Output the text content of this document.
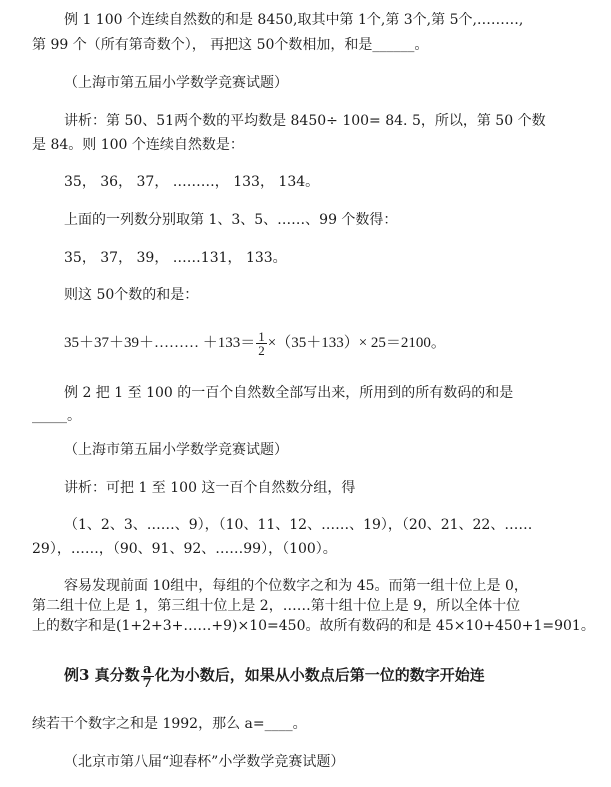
例 1 100 个连续自然数的和是 8450,取其中第 1个,第 3个,第 5个,………,
第 99 个（所有第奇数个）， 再把这 50个数相加，和是______。
（上海市第五届小学数学竞赛试题）
讲析：第 50、51两个数的平均数是 8450÷ 100= 84. 5，所以，第 50 个数
是 84。则 100 个连续自然数是：
35， 36， 37， ………， 133， 134。
上面的一列数分别取第 1、3、5、……、99 个数得：
35， 37， 39， ……131， 133。
则这 50个数的和是：
35＋37＋39＋……… $+133= \frac{1}{2} \times(35+133)\times 25=2100$。
例 2 把 1 至 100 的一百个自然数全部写出来，所用到的所有数码的和是
_____。
（上海市第五届小学数学竞赛试题）
讲析：可把 1 至 100 这一百个自然数分组，得
（1、2、3、……、9），（10、11、12、……、19），（20、21、22、……
29），……，（90、91、92、……99），（100）。
容易发现前面 10组中，每组的个位数字之和为 45。而第一组十位上是 0，
第二组十位上是 1，第三组十位上是 2，……第十组十位上是 9，所以全体十位
上的数字和是(1+2+3+……+9)×10=450。故所有数码的和是 45×10+450+1=901。
例3 真分数 $\frac{a}{7}$ 化为小数后，如果从小数点后第一位的数字开始连
续若干个数字之和是 1992，那么 a=____。
（北京市第八届“迎春杯”小学数学竞赛试题）
